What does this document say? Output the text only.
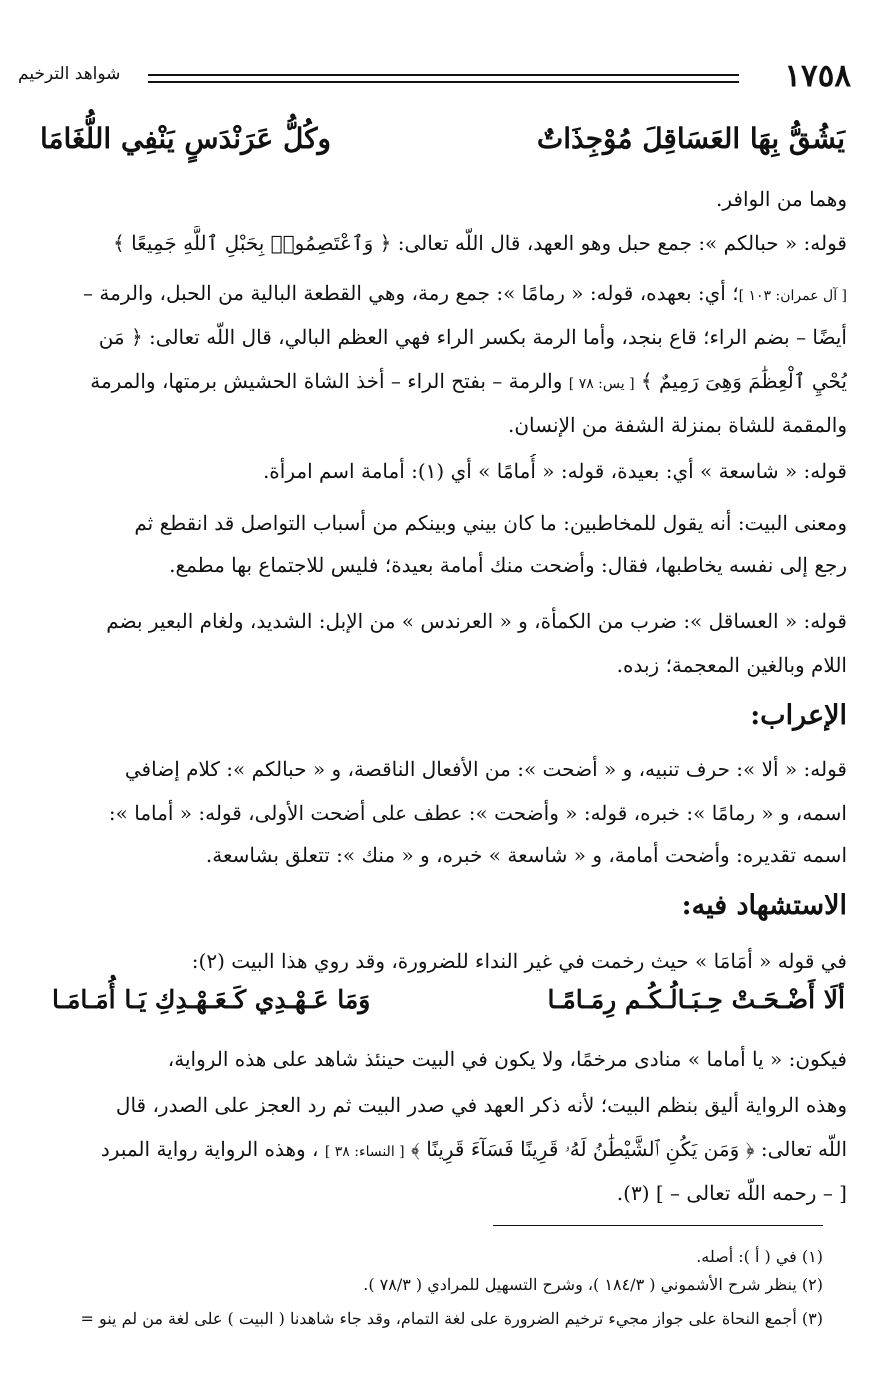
١٧٥٨
شواهد الترخيم
يَشُقُّ بِهَا العَسَاقِلَ مُوْجِذَاتٌ
وكُلُّ عَرَنْدَسٍ يَنْفِي اللُّغَامَا
وهما من الوافر.
قوله: « حبالكم »: جمع حبل وهو العهد، قال اللّه تعالى: ﴿ وَٱعْتَصِمُوا۟ بِحَبْلِ ٱللَّهِ جَمِيعًا ﴾
[ آل عمران: ١٠٣ ]؛ أي: بعهده، قوله: « رمامًا »: جمع رمة، وهي القطعة البالية من الحبل، والرمة –
أيضًا – بضم الراء؛ قاع بنجد، وأما الرمة بكسر الراء فهي العظم البالي، قال اللّه تعالى: ﴿ مَن
يُحْيِ ٱلْعِظَٰمَ وَهِىَ رَمِيمٌ ﴾ [ يس: ٧٨ ] والرمة – بفتح الراء – أخذ الشاة الحشيش برمتها، والمرمة
والمقمة للشاة بمنزلة الشفة من الإنسان.
قوله: « شاسعة » أي: بعيدة، قوله: « أُمامًا » أي (١): أمامة اسم امرأة.
ومعنى البيت: أنه يقول للمخاطبين: ما كان بيني وبينكم من أسباب التواصل قد انقطع ثم
رجع إلى نفسه يخاطبها، فقال: وأضحت منك أمامة بعيدة؛ فليس للاجتماع بها مطمع.
قوله: « العساقل »: ضرب من الكمأة، و « العرندس » من الإبل: الشديد، ولغام البعير بضم
اللام وبالغين المعجمة؛ زبده.
الإعراب:
قوله: « ألا »: حرف تنبيه، و « أضحت »: من الأفعال الناقصة، و « حبالكم »: كلام إضافي
اسمه، و « رمامًا »: خبره، قوله: « وأضحت »: عطف على أضحت الأولى، قوله: « أماما »:
اسمه تقديره: وأضحت أمامة، و « شاسعة » خبره، و « منك »: تتعلق بشاسعة.
الاستشهاد فيه:
في قوله « أمَامَا » حيث رخمت في غير النداء للضرورة، وقد روي هذا البيت (٢):
ألَا أَضْـحَـتْ حِـبَـالُـكُـم رِمَـامًـا
وَمَا عَـهْـدِي كَـعَـهْـدِكِ يَـا أُمَـامَـا
فيكون: « يا أماما » منادى مرخمًا، ولا يكون في البيت حينئذ شاهد على هذه الرواية،
وهذه الرواية أليق بنظم البيت؛ لأنه ذكر العهد في صدر البيت ثم رد العجز على الصدر، قال
اللّه تعالى: ﴿ وَمَن يَكُنِ ٱلشَّيْطَٰنُ لَهُۥ قَرِينًا فَسَآءَ قَرِينًا ﴾ [ النساء: ٣٨ ] ، وهذه الرواية رواية المبرد
[ – رحمه اللّه تعالى – ] (٣).
(١) في ( أ ): أصله.
(٢) ينظر شرح الأشموني ( ١٨٤/٣ )، وشرح التسهيل للمرادي ( ٧٨/٣ ).
(٣) أجمع النحاة على جواز مجيء ترخيم الضرورة على لغة التمام، وقد جاء شاهدنا ( البيت ) على لغة من لم ينو =
